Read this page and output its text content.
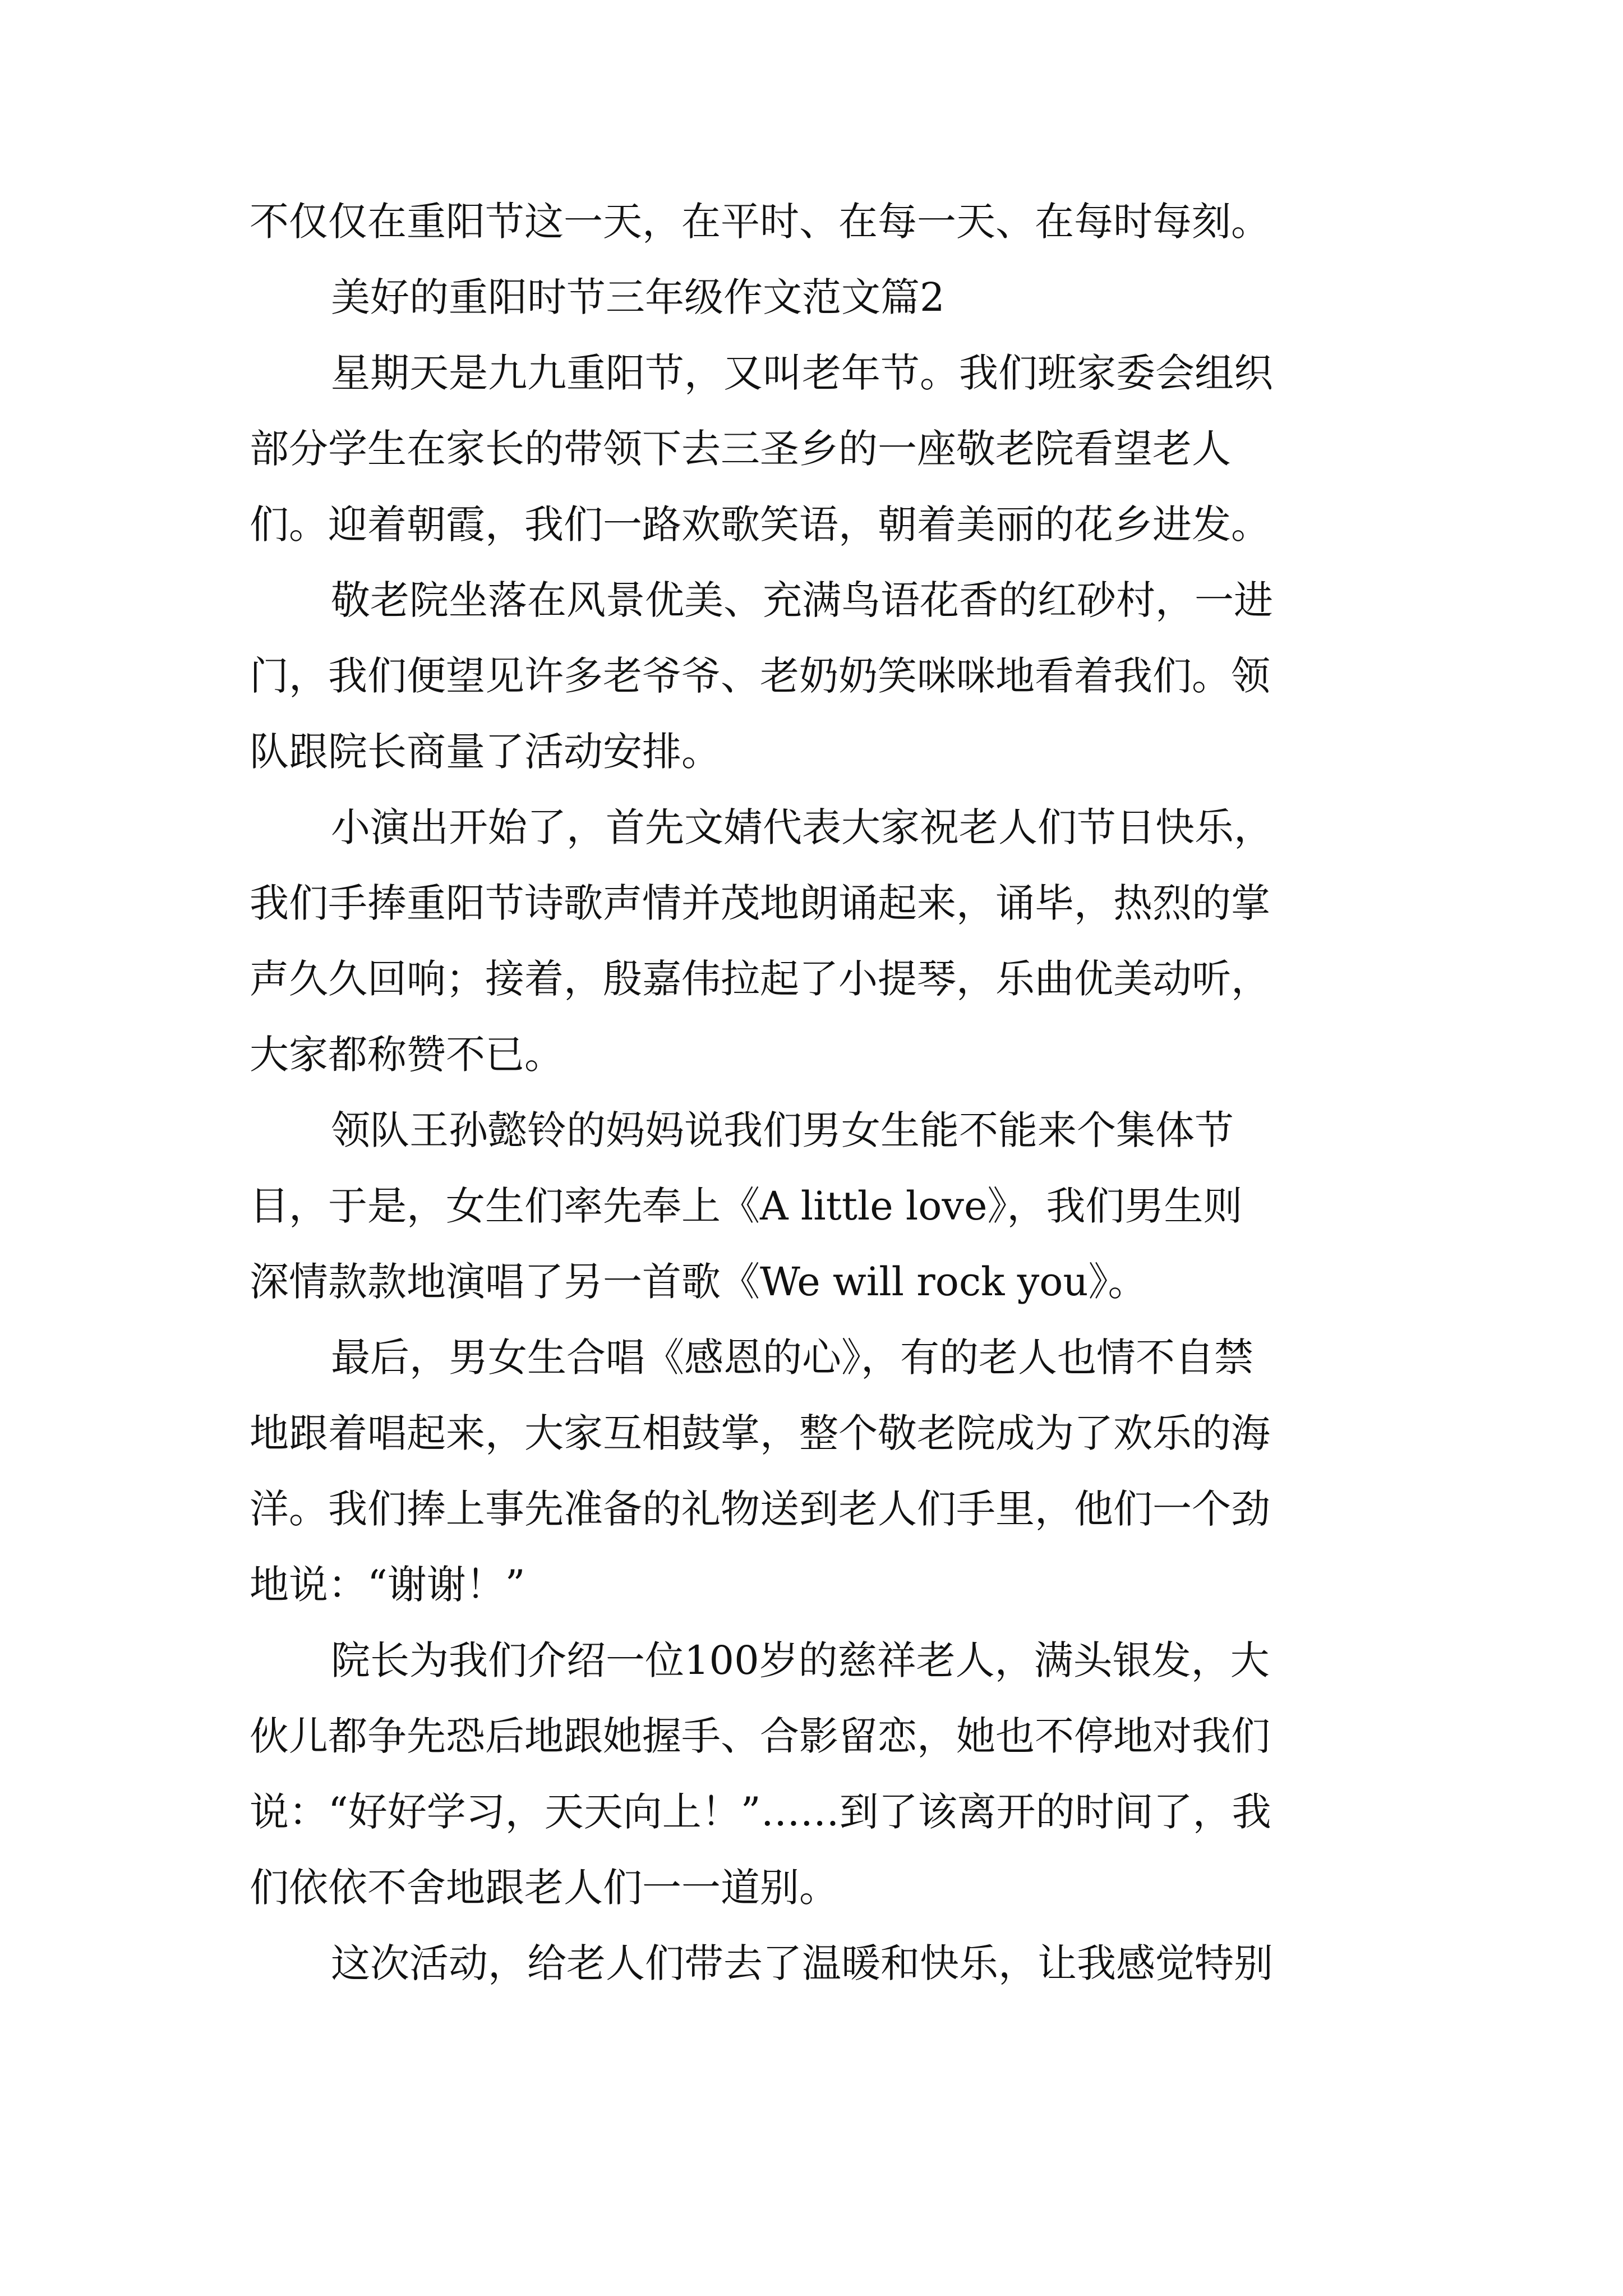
不仅仅在重阳节这一天，在平时、在每一天、在每时每刻。

美好的重阳时节三年级作文范文篇2

星期天是九九重阳节，又叫老年节。我们班家委会组织

部分学生在家长的带领下去三圣乡的一座敬老院看望老人

们。迎着朝霞，我们一路欢歌笑语，朝着美丽的花乡进发。

敬老院坐落在风景优美、充满鸟语花香的红砂村，一进

门，我们便望见许多老爷爷、老奶奶笑咪咪地看着我们。领

队跟院长商量了活动安排。

小演出开始了，首先文婧代表大家祝老人们节日快乐，

我们手捧重阳节诗歌声情并茂地朗诵起来，诵毕，热烈的掌

声久久回响；接着，殷嘉伟拉起了小提琴，乐曲优美动听，

大家都称赞不已。

领队王孙懿铃的妈妈说我们男女生能不能来个集体节

目，于是，女生们率先奉上《A little love》，我们男生则

深情款款地演唱了另一首歌《We will rock you》。

最后，男女生合唱《感恩的心》，有的老人也情不自禁

地跟着唱起来，大家互相鼓掌，整个敬老院成为了欢乐的海

洋。我们捧上事先准备的礼物送到老人们手里，他们一个劲

地说：“谢谢！”

院长为我们介绍一位100岁的慈祥老人，满头银发，大

伙儿都争先恐后地跟她握手、合影留恋，她也不停地对我们

说：“好好学习，天天向上！”……到了该离开的时间了，我

们依依不舍地跟老人们一一道别。

这次活动，给老人们带去了温暖和快乐，让我感觉特别
